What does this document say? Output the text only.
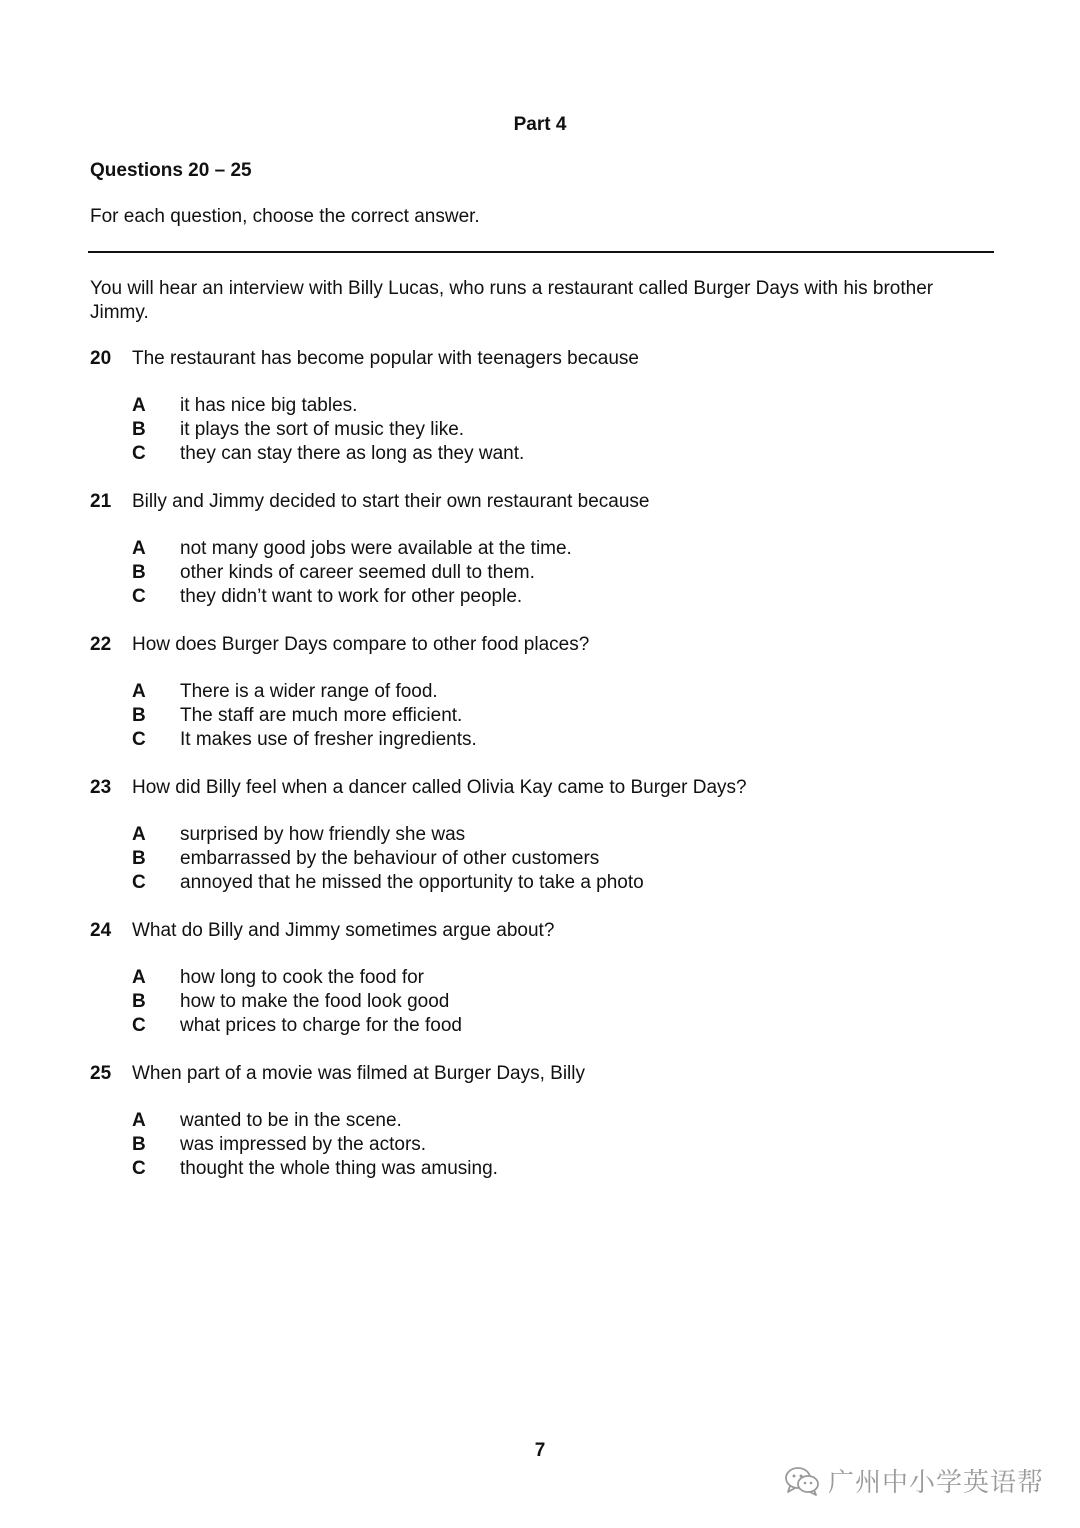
Part 4

Questions 20 – 25

For each question, choose the correct answer.

You will hear an interview with Billy Lucas, who runs a restaurant called Burger Days with his brother Jimmy.

20 The restaurant has become popular with teenagers because
A it has nice big tables.
B it plays the sort of music they like.
C they can stay there as long as they want.
21 Billy and Jimmy decided to start their own restaurant because
A not many good jobs were available at the time.
B other kinds of career seemed dull to them.
C they didn’t want to work for other people.
22 How does Burger Days compare to other food places?
A There is a wider range of food.
B The staff are much more efficient.
C It makes use of fresher ingredients.
23 How did Billy feel when a dancer called Olivia Kay came to Burger Days?
A surprised by how friendly she was
B embarrassed by the behaviour of other customers
C annoyed that he missed the opportunity to take a photo
24 What do Billy and Jimmy sometimes argue about?
A how long to cook the food for
B how to make the food look good
C what prices to charge for the food
25 When part of a movie was filmed at Burger Days, Billy
A wanted to be in the scene.
B was impressed by the actors.
C thought the whole thing was amusing.
7
广州中小学英语帮
